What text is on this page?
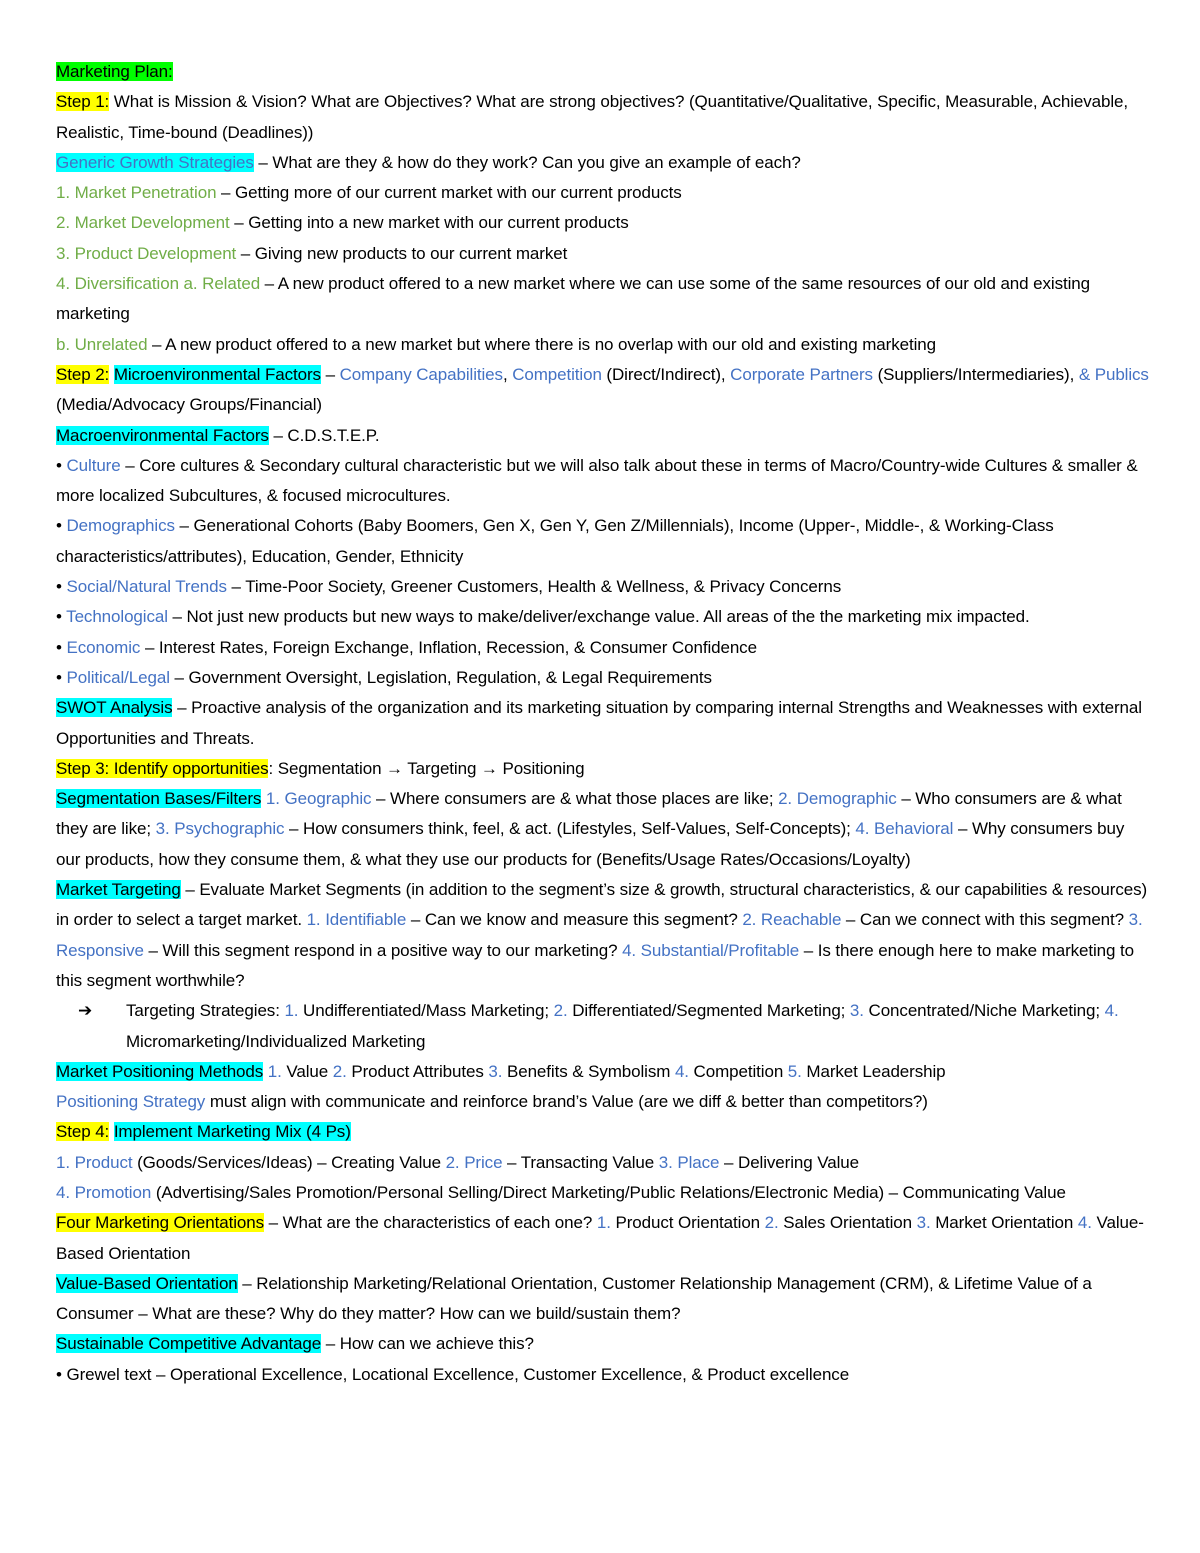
Marketing Plan:

Step 1: What is Mission & Vision? What are Objectives? What are strong objectives? (Quantitative/Qualitative, Specific, Measurable, Achievable, Realistic, Time-bound (Deadlines))

Generic Growth Strategies – What are they & how do they work? Can you give an example of each?

1. Market Penetration – Getting more of our current market with our current products

2. Market Development – Getting into a new market with our current products

3. Product Development – Giving new products to our current market

4. Diversification a. Related – A new product offered to a new market where we can use some of the same resources of our old and existing marketing

b. Unrelated – A new product offered to a new market but where there is no overlap with our old and existing marketing

Step 2: Microenvironmental Factors – Company Capabilities, Competition (Direct/Indirect), Corporate Partners (Suppliers/Intermediaries), & Publics (Media/Advocacy Groups/Financial)

Macroenvironmental Factors – C.D.S.T.E.P.

• Culture – Core cultures & Secondary cultural characteristic but we will also talk about these in terms of Macro/Country-wide Cultures & smaller & more localized Subcultures, & focused microcultures.

• Demographics – Generational Cohorts (Baby Boomers, Gen X, Gen Y, Gen Z/Millennials), Income (Upper-, Middle-, & Working-Class characteristics/attributes), Education, Gender, Ethnicity

• Social/Natural Trends – Time-Poor Society, Greener Customers, Health & Wellness, & Privacy Concerns

• Technological – Not just new products but new ways to make/deliver/exchange value. All areas of the the marketing mix impacted.

• Economic – Interest Rates, Foreign Exchange, Inflation, Recession, & Consumer Confidence

• Political/Legal – Government Oversight, Legislation, Regulation, & Legal Requirements

SWOT Analysis – Proactive analysis of the organization and its marketing situation by comparing internal Strengths and Weaknesses with external Opportunities and Threats.

Step 3: Identify opportunities: Segmentation → Targeting → Positioning

Segmentation Bases/Filters 1. Geographic – Where consumers are & what those places are like; 2. Demographic – Who consumers are & what they are like; 3. Psychographic – How consumers think, feel, & act. (Lifestyles, Self-Values, Self-Concepts); 4. Behavioral – Why consumers buy our products, how they consume them, & what they use our products for (Benefits/Usage Rates/Occasions/Loyalty)

Market Targeting – Evaluate Market Segments (in addition to the segment’s size & growth, structural characteristics, & our capabilities & resources) in order to select a target market. 1. Identifiable – Can we know and measure this segment? 2. Reachable – Can we connect with this segment? 3. Responsive – Will this segment respond in a positive way to our marketing? 4. Substantial/Profitable – Is there enough here to make marketing to this segment worthwhile?

➔ Targeting Strategies: 1. Undifferentiated/Mass Marketing; 2. Differentiated/Segmented Marketing; 3. Concentrated/Niche Marketing; 4. Micromarketing/Individualized Marketing

Market Positioning Methods 1. Value 2. Product Attributes 3. Benefits & Symbolism 4. Competition 5. Market Leadership

Positioning Strategy must align with communicate and reinforce brand’s Value (are we diff & better than competitors?)

Step 4: Implement Marketing Mix (4 Ps)

1. Product (Goods/Services/Ideas) – Creating Value 2. Price – Transacting Value 3. Place – Delivering Value

4. Promotion (Advertising/Sales Promotion/Personal Selling/Direct Marketing/Public Relations/Electronic Media) – Communicating Value

Four Marketing Orientations – What are the characteristics of each one? 1. Product Orientation 2. Sales Orientation 3. Market Orientation 4. Value-Based Orientation

Value-Based Orientation – Relationship Marketing/Relational Orientation, Customer Relationship Management (CRM), & Lifetime Value of a Consumer – What are these? Why do they matter? How can we build/sustain them?

Sustainable Competitive Advantage – How can we achieve this?

• Grewel text – Operational Excellence, Locational Excellence, Customer Excellence, & Product excellence
